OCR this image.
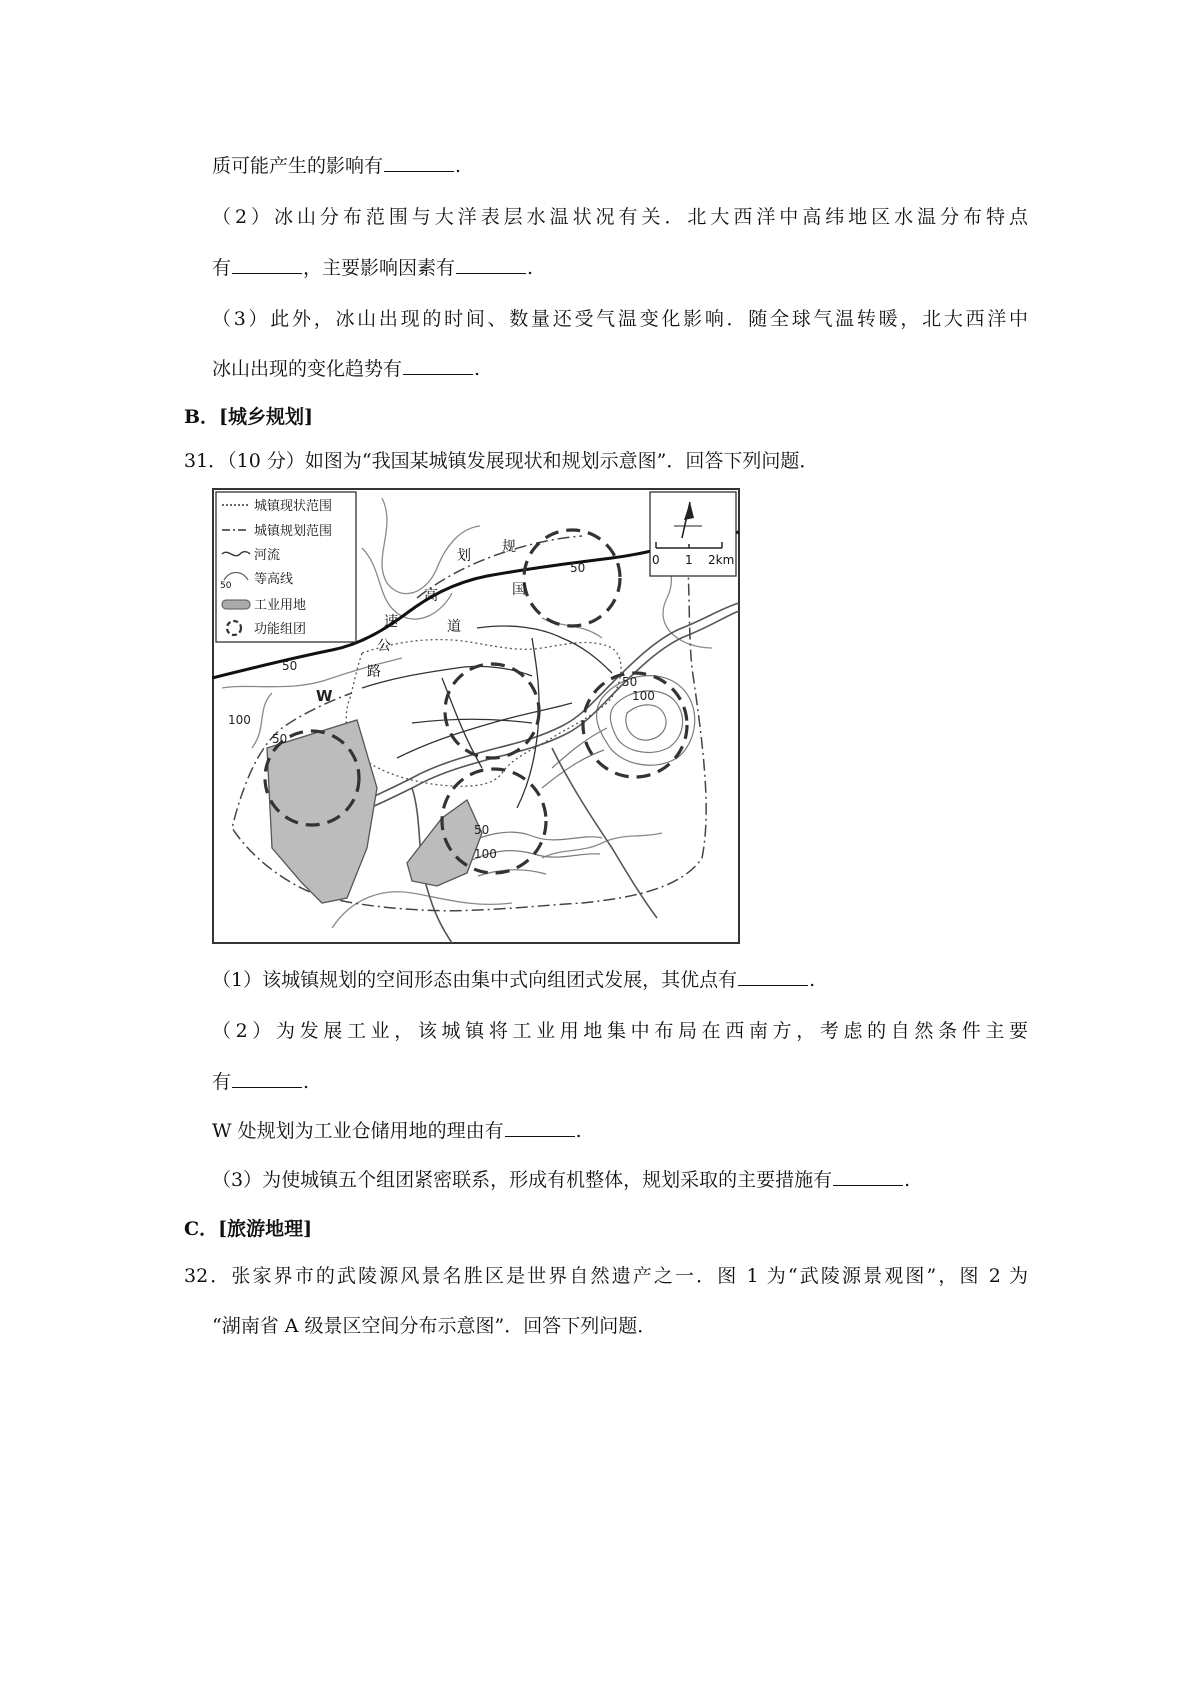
质可能产生的影响有	.
（2）冰山分布范围与大洋表层水温状况有关．北大西洋中高纬地区水温分布特点
有	，主要影响因素有	.
（3）此外，冰山出现的时间、数量还受气温变化影响．随全球气温转暖，北大西洋中
冰山出现的变化趋势有	.
B．[城乡规划]
31．（10 分）如图为“我国某城镇发展现状和规划示意图”．回答下列问题．
W
50
50
50
50
50
100
100
100
高
速
公
路
道
划
规
国
城镇现状范围
城镇规划范围
河流
50 等高线
工业用地
功能组团
0 1 2km
（1）该城镇规划的空间形态由集中式向组团式发展，其优点有	.
（2）为发展工业，该城镇将工业用地集中布局在西南方，考虑的自然条件主要
有	.
W 处规划为工业仓储用地的理由有	.
（3）为使城镇五个组团紧密联系，形成有机整体，规划采取的主要措施有	.
C．[旅游地理]
32．张家界市的武陵源风景名胜区是世界自然遗产之一．图 1 为“武陵源景观图”，图 2 为
“湖南省 A 级景区空间分布示意图”．回答下列问题．
